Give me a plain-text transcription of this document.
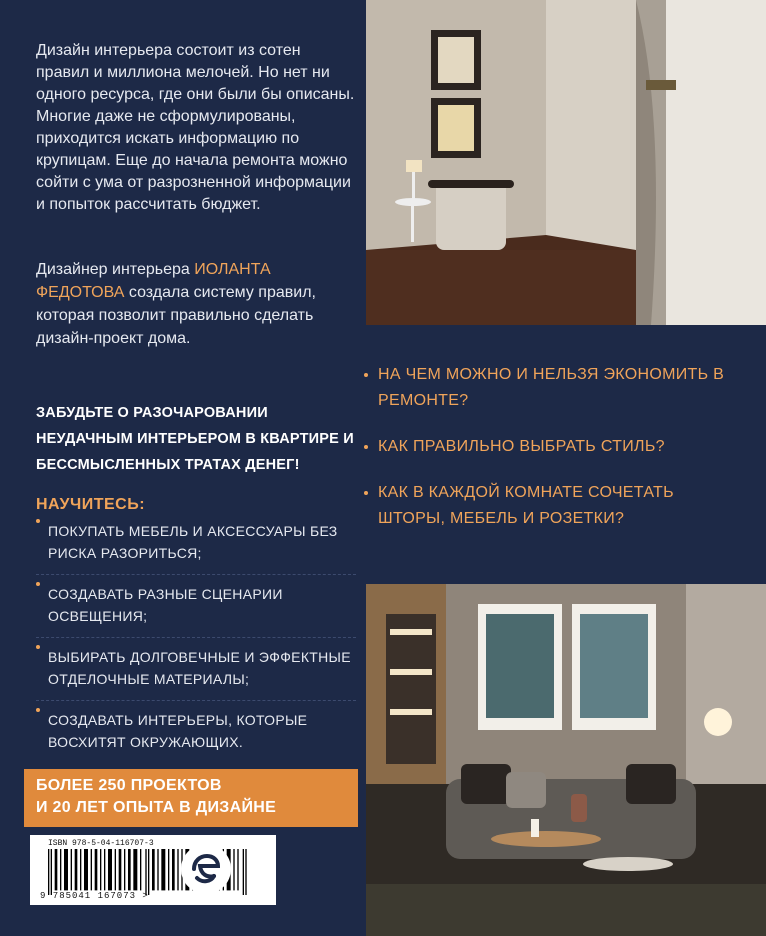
Дизайн интерьера состоит из сотен правил и миллиона мелочей. Но нет ни одного ресурса, где они были бы описаны. Многие даже не сформулированы, приходится искать информацию по крупицам. Еще до начала ремонта можно сойти с ума от разрозненной информации и попыток рассчитать бюджет.

Дизайнер интерьера ИОЛАНТА ФЕДОТОВА создала систему правил, которая позволит правильно сделать дизайн-проект дома.

ЗАБУДЬТЕ О РАЗОЧАРОВАНИИ НЕУДАЧНЫМ ИНТЕРЬЕРОМ В КВАРТИРЕ И БЕССМЫСЛЕННЫХ ТРАТАХ ДЕНЕГ!

НАУЧИТЕСЬ:
ПОКУПАТЬ МЕБЕЛЬ И АКСЕССУАРЫ БЕЗ РИСКА РАЗОРИТЬСЯ;
СОЗДАВАТЬ РАЗНЫЕ СЦЕНАРИИ ОСВЕЩЕНИЯ;
ВЫБИРАТЬ ДОЛГОВЕЧНЫЕ И ЭФФЕКТНЫЕ ОТДЕЛОЧНЫЕ МАТЕРИАЛЫ;
СОЗДАВАТЬ ИНТЕРЬЕРЫ, КОТОРЫЕ ВОСХИТЯТ ОКРУЖАЮЩИХ.
БОЛЕЕ 250 ПРОЕКТОВ
И 20 ЛЕТ ОПЫТА В ДИЗАЙНЕ
ISBN 978-5-04-116707-3
9 785041 167073 >
НА ЧЕМ МОЖНО И НЕЛЬЗЯ ЭКОНОМИТЬ В РЕМОНТЕ?
КАК ПРАВИЛЬНО ВЫБРАТЬ СТИЛЬ?
КАК В КАЖДОЙ КОМНАТЕ СОЧЕТАТЬ ШТОРЫ, МЕБЕЛЬ И РОЗЕТКИ?
